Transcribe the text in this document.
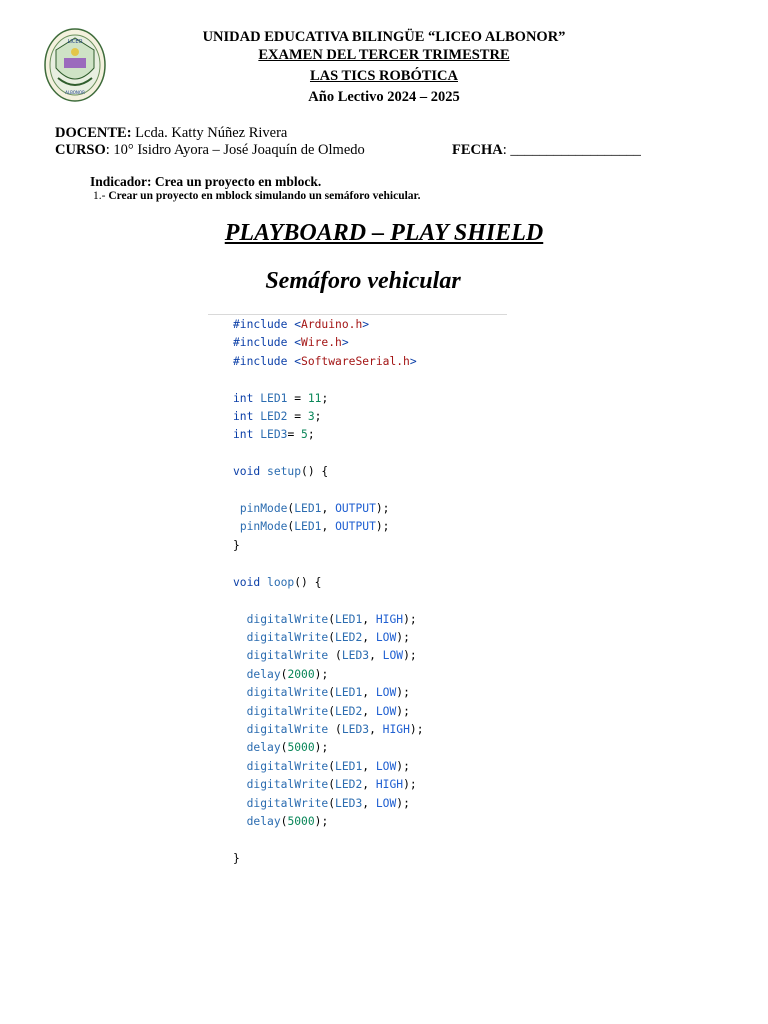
LICEO
ALBONOR
UNIDAD EDUCATIVA BILINGÜE “LICEO ALBONOR”
EXAMEN DEL TERCER TRIMESTRE
LAS TICS ROBÓTICA
Año Lectivo 2024 – 2025
DOCENTE: Lcda. Katty Núñez Rivera
CURSO: 10° Isidro Ayora – José Joaquín de Olmedo	FECHA: __________________
Indicador: Crea un proyecto en mblock.
1.- Crear un proyecto en mblock simulando un semáforo vehicular.
PLAYBOARD – PLAY SHIELD
Semáforo vehicular
#include <Arduino.h>
#include <Wire.h>
#include <SoftwareSerial.h>

int LED1 = 11;
int LED2 = 3;
int LED3= 5;

void setup() {

pinMode(LED1, OUTPUT);
pinMode(LED1, OUTPUT);
}

void loop() {

digitalWrite(LED1, HIGH);
digitalWrite(LED2, LOW);
digitalWrite (LED3, LOW);
delay(2000);
digitalWrite(LED1, LOW);
digitalWrite(LED2, LOW);
digitalWrite (LED3, HIGH);
delay(5000);
digitalWrite(LED1, LOW);
digitalWrite(LED2, HIGH);
digitalWrite(LED3, LOW);
delay(5000);

}
